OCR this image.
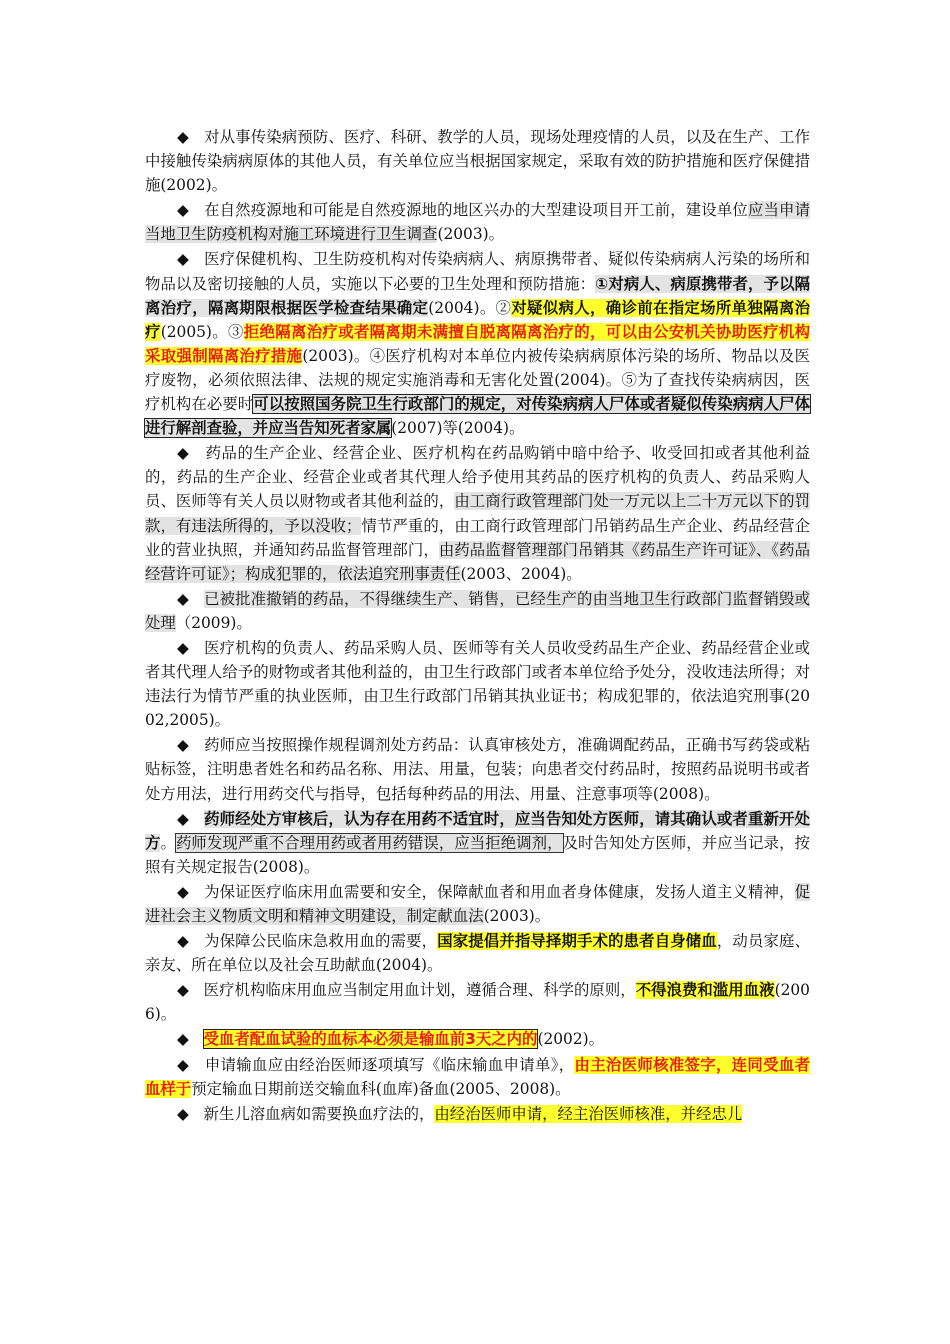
◆ 对从事传染病预防、医疗、科研、教学的人员，现场处理疫情的人员，以及在生产、工作中接触传染病病原体的其他人员，有关单位应当根据国家规定，采取有效的防护措施和医疗保健措施(2002)。

◆ 在自然疫源地和可能是自然疫源地的地区兴办的大型建设项目开工前，建设单位应当申请当地卫生防疫机构对施工环境进行卫生调查(2003)。

◆ 医疗保健机构、卫生防疫机构对传染病病人、病原携带者、疑似传染病病人污染的场所和物品以及密切接触的人员，实施以下必要的卫生处理和预防措施：①对病人、病原携带者，予以隔离治疗，隔离期限根据医学检查结果确定(2004)。②对疑似病人，确诊前在指定场所单独隔离治疗(2005)。③拒绝隔离治疗或者隔离期未满擅自脱离隔离治疗的，可以由公安机关协助医疗机构采取强制隔离治疗措施(2003)。④医疗机构对本单位内被传染病病原体污染的场所、物品以及医疗废物，必须依照法律、法规的规定实施消毒和无害化处置(2004)。⑤为了查找传染病病因，医疗机构在必要时可以按照国务院卫生行政部门的规定，对传染病病人尸体或者疑似传染病病人尸体进行解剖查验，并应当告知死者家属(2007)等(2004)。

◆ 药品的生产企业、经营企业、医疗机构在药品购销中暗中给予、收受回扣或者其他利益的，药品的生产企业、经营企业或者其代理人给予使用其药品的医疗机构的负责人、药品采购人员、医师等有关人员以财物或者其他利益的，由工商行政管理部门处一万元以上二十万元以下的罚款，有违法所得的，予以没收；情节严重的，由工商行政管理部门吊销药品生产企业、药品经营企业的营业执照，并通知药品监督管理部门，由药品监督管理部门吊销其《药品生产许可证》、《药品经营许可证》；构成犯罪的，依法追究刑事责任(2003、2004)。

◆ 已被批准撤销的药品，不得继续生产、销售，已经生产的由当地卫生行政部门监督销毁或处理（2009)。

◆ 医疗机构的负责人、药品采购人员、医师等有关人员收受药品生产企业、药品经营企业或者其代理人给予的财物或者其他利益的，由卫生行政部门或者本单位给予处分，没收违法所得；对违法行为情节严重的执业医师，由卫生行政部门吊销其执业证书；构成犯罪的，依法追究刑事(2002,2005)。

◆ 药师应当按照操作规程调剂处方药品：认真审核处方，准确调配药品，正确书写药袋或粘贴标签，注明患者姓名和药品名称、用法、用量，包装；向患者交付药品时，按照药品说明书或者处方用法，进行用药交代与指导，包括每种药品的用法、用量、注意事项等(2008)。

◆ 药师经处方审核后，认为存在用药不适宜时，应当告知处方医师，请其确认或者重新开处方。药师发现严重不合理用药或者用药错误，应当拒绝调剂，及时告知处方医师，并应当记录，按照有关规定报告(2008)。

◆ 为保证医疗临床用血需要和安全，保障献血者和用血者身体健康，发扬人道主义精神，促进社会主义物质文明和精神文明建设，制定献血法(2003)。

◆ 为保障公民临床急救用血的需要，国家提倡并指导择期手术的患者自身储血，动员家庭、亲友、所在单位以及社会互助献血(2004)。

◆ 医疗机构临床用血应当制定用血计划，遵循合理、科学的原则，不得浪费和滥用血液(2006)。

◆ 受血者配血试验的血标本必须是输血前3天之内的(2002)。

◆ 申请输血应由经治医师逐项填写《临床输血申请单》，由主治医师核准签字，连同受血者血样于预定输血日期前送交输血科(血库)备血(2005、2008)。

◆ 新生儿溶血病如需要换血疗法的，由经治医师申请，经主治医师核准，并经忠儿
